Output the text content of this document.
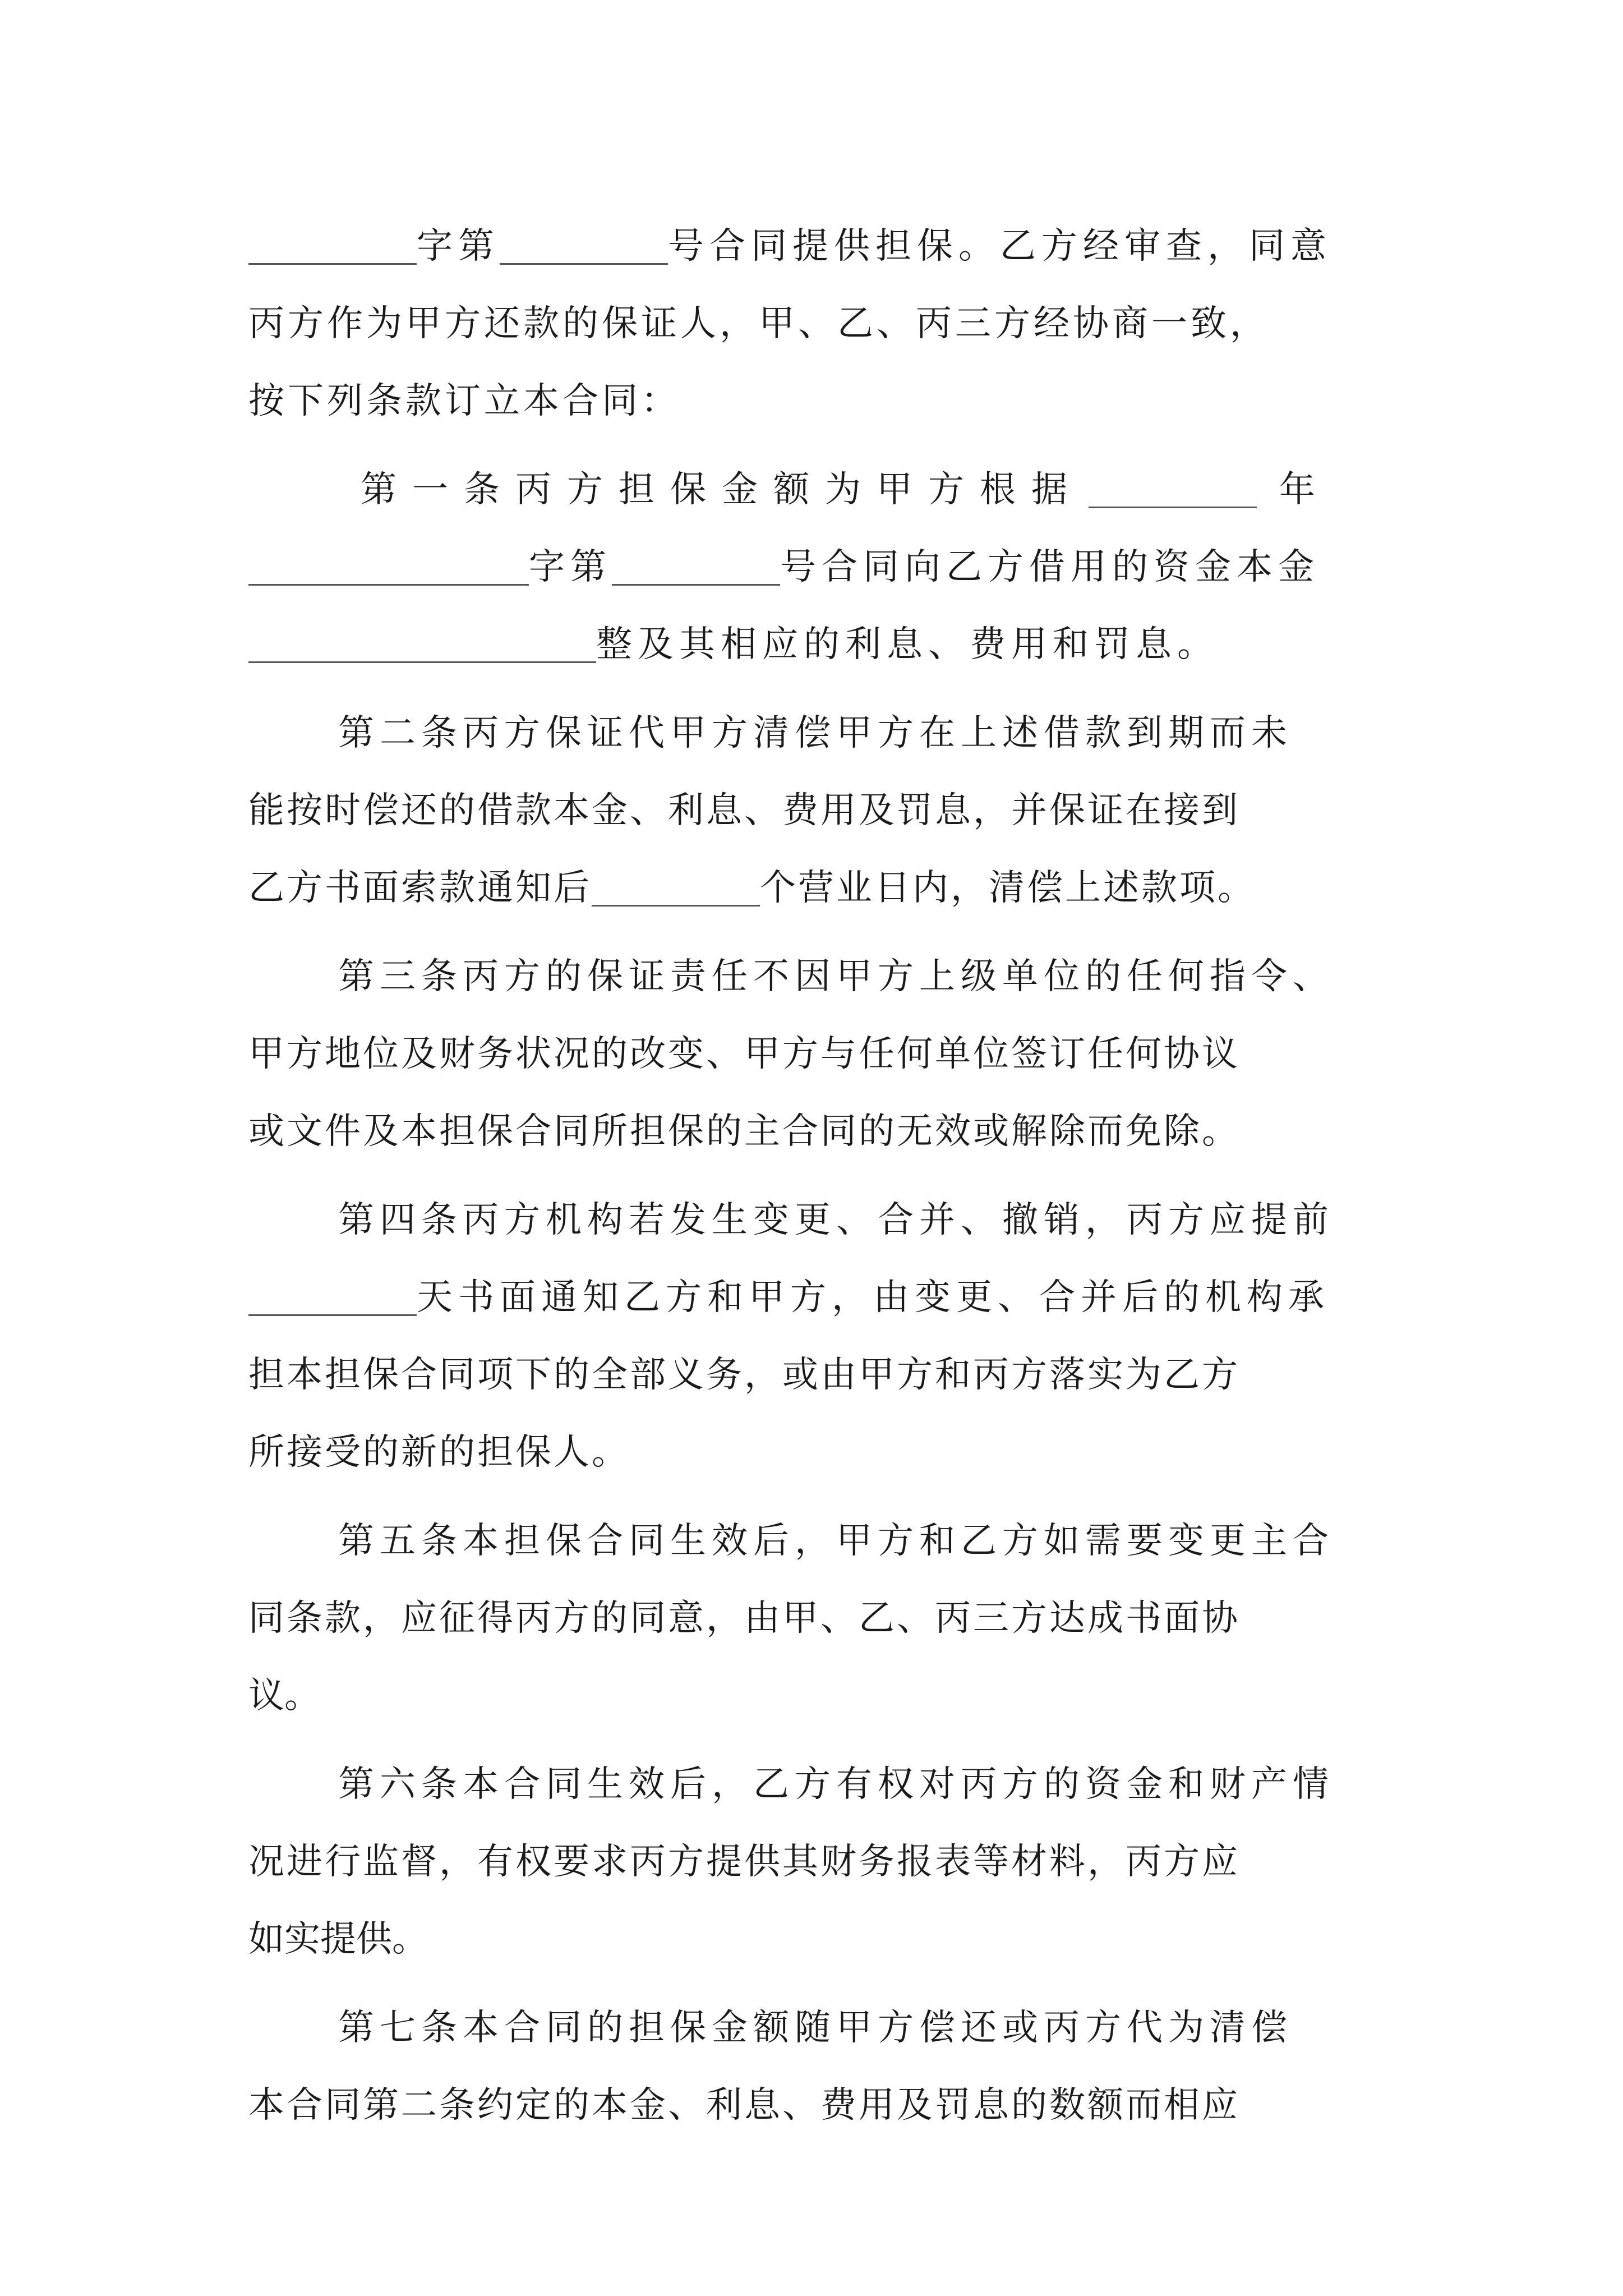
字第	号合同提供担保。乙方经审查，同意
丙方作为甲方还款的保证人，甲、乙、丙三方经协商一致，
按下列条款订立本合同：
第一条丙方担保金额为甲方根据	年
字第	号合同向乙方借用的资金本金
整及其相应的利息、费用和罚息。
第二条丙方保证代甲方清偿甲方在上述借款到期而未
能按时偿还的借款本金、利息、费用及罚息，并保证在接到
乙方书面索款通知后	个营业日内，清偿上述款项。
第三条丙方的保证责任不因甲方上级单位的任何指令、
甲方地位及财务状况的改变、甲方与任何单位签订任何协议
或文件及本担保合同所担保的主合同的无效或解除而免除。
第四条丙方机构若发生变更、合并、撤销，丙方应提前
天书面通知乙方和甲方，由变更、合并后的机构承
担本担保合同项下的全部义务，或由甲方和丙方落实为乙方
所接受的新的担保人。
第五条本担保合同生效后，甲方和乙方如需要变更主合
同条款，应征得丙方的同意，由甲、乙、丙三方达成书面协
议。
第六条本合同生效后，乙方有权对丙方的资金和财产情
况进行监督，有权要求丙方提供其财务报表等材料，丙方应
如实提供。
第七条本合同的担保金额随甲方偿还或丙方代为清偿
本合同第二条约定的本金、利息、费用及罚息的数额而相应
